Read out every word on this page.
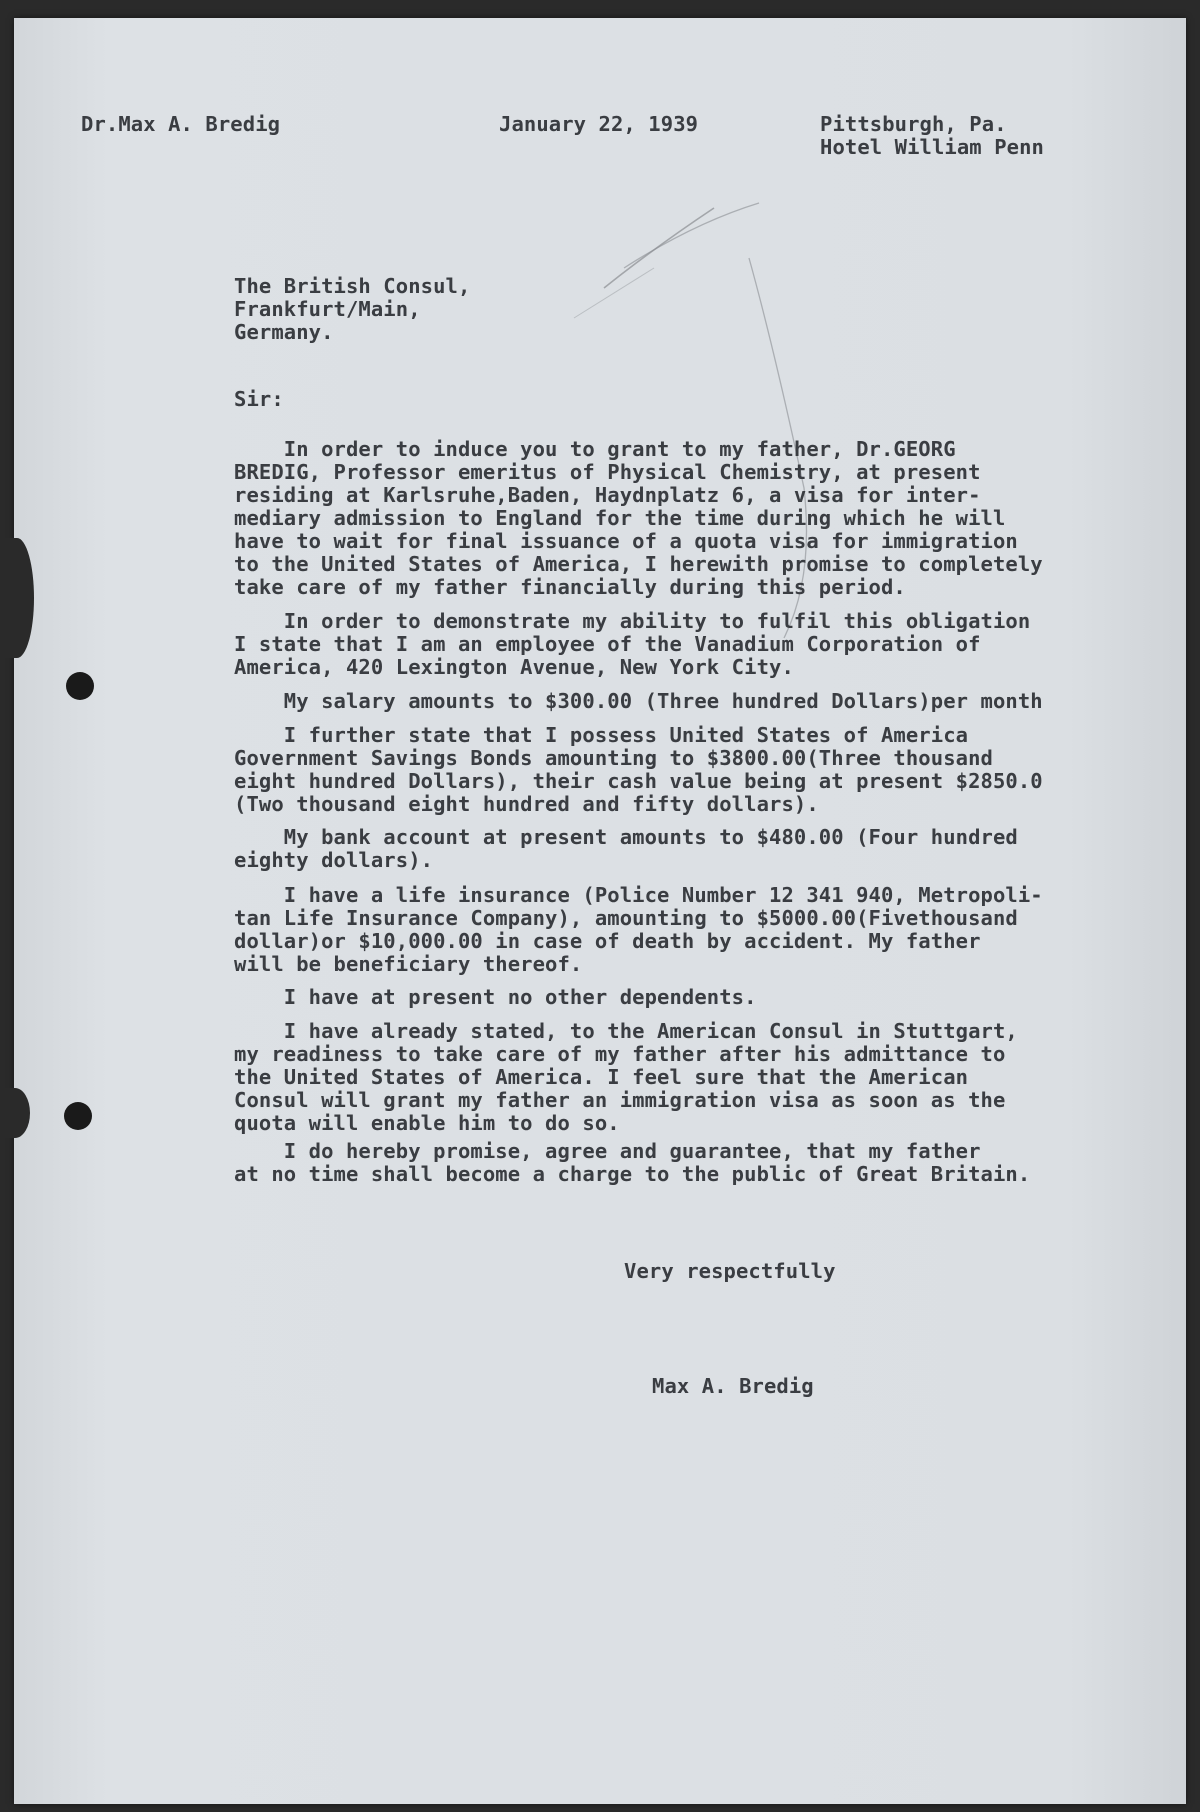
Dr.Max A. Bredig	January 22, 1939	Pittsburgh, Pa.

Hotel William Penn

The British Consul,

Frankfurt/Main,

Germany.

Sir:

In order to induce you to grant to my father, Dr.GEORG
BREDIG, Professor emeritus of Physical Chemistry, at present
residing at Karlsruhe,Baden, Haydnplatz 6, a visa for inter-
mediary admission to England for the time during which he will
have to wait for final issuance of a quota visa for immigration
to the United States of America, I herewith promise to completely
take care of my father financially during this period.
In order to demonstrate my ability to fulfil this obligation
I state that I am an employee of the Vanadium Corporation of
America, 420 Lexington Avenue, New York City.
My salary amounts to $300.00 (Three hundred Dollars)per month
I further state that I possess United States of America
Government Savings Bonds amounting to $3800.00(Three thousand
eight hundred Dollars), their cash value being at present $2850.0
(Two thousand eight hundred and fifty dollars).
My bank account at present amounts to $480.00 (Four hundred
eighty dollars).
I have a life insurance (Police Number 12 341 940, Metropoli-
tan Life Insurance Company), amounting to $5000.00(Fivethousand
dollar)or $10,000.00 in case of death by accident. My father
will be beneficiary thereof.
I have at present no other dependents.
I have already stated, to the American Consul in Stuttgart,
my readiness to take care of my father after his admittance to
the United States of America. I feel sure that the American
Consul will grant my father an immigration visa as soon as the
quota will enable him to do so.
I do hereby promise, agree and guarantee, that my father
at no time shall become a charge to the public of Great Britain.

Very respectfully

Max A. Bredig
